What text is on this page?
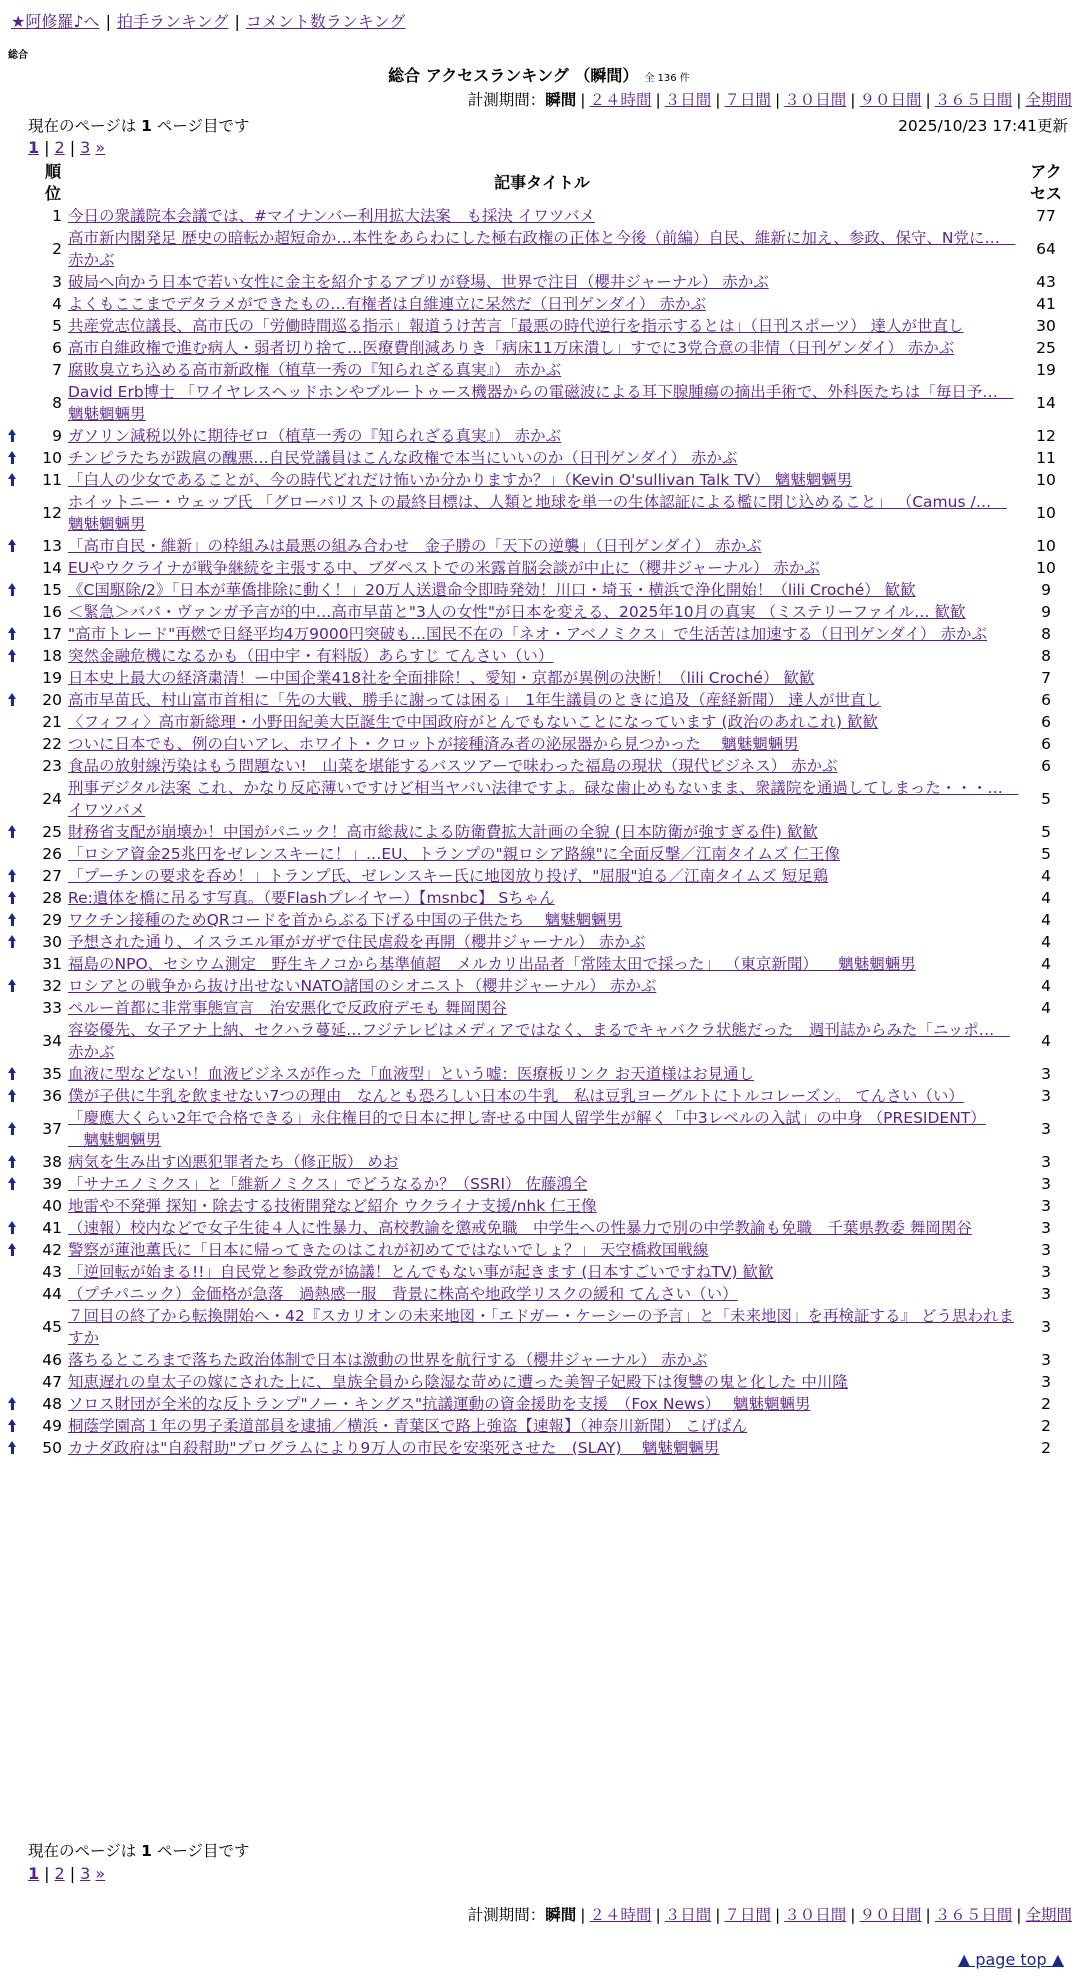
★阿修羅♪へ | 拍手ランキング | コメント数ランキング
総合
総合 アクセスランキング （瞬間） 全 136 件
計測期間：瞬間 | ２４時間 | ３日間 | ７日間 | ３０日間 | ９０日間 | ３６５日間 | 全期間
現在のページは 1 ページ目です	2025/10/23 17:41更新
1 | 2 | 3 »
順位		記事タイトル	アクセス
	1	今日の衆議院本会議では、#マイナンバー利用拡大法案　も採決 イワツバメ	77
	2	高市新内閣発足 歴史の暗転か超短命か…本性をあらわにした極右政権の正体と今後（前編）自民、維新に加え、参政、保守、N党に…　赤かぶ	64
	3	破局へ向かう日本で若い女性に金主を紹介するアプリが登場、世界で注目（櫻井ジャーナル） 赤かぶ	43
	4	よくもここまでデタラメができたもの…有権者は自維連立に呆然だ（日刊ゲンダイ） 赤かぶ	41
	5	共産党志位議長、高市氏の「労働時間巡る指示」報道うけ苦言「最悪の時代逆行を指示するとは」（日刊スポーツ） 達人が世直し	30
	6	高市自維政権で進む病人・弱者切り捨て…医療費削減ありき「病床11万床潰し」すでに3党合意の非情（日刊ゲンダイ） 赤かぶ	25
	7	腐敗臭立ち込める高市新政権（植草一秀の『知られざる真実』） 赤かぶ	19
	8	David Erb博士 「ワイヤレスヘッドホンやブルートゥース機器からの電磁波による耳下腺腫瘍の摘出手術で、外科医たちは「毎日予…　魑魅魍魎男	14
	9	ガソリン減税以外に期待ゼロ（植草一秀の『知られざる真実』） 赤かぶ	12
	10	チンピラたちが跋扈の醜悪…自民党議員はこんな政権で本当にいいのか（日刊ゲンダイ） 赤かぶ	11
	11	「白人の少女であることが、今の時代どれだけ怖いか分かりますか？」（Kevin O'sullivan Talk TV） 魑魅魍魎男	10
	12	ホイットニー・ウェッブ氏 「グローバリストの最終目標は、人類と地球を単一の生体認証による檻に閉じ込めること」 （Camus /…　魑魅魍魎男	10
	13	「高市自民・維新」の枠組みは最悪の組み合わせ　金子勝の「天下の逆襲」（日刊ゲンダイ） 赤かぶ	10
	14	EUやウクライナが戦争継続を主張する中、ブダペストでの米露首脳会談が中止に（櫻井ジャーナル） 赤かぶ	10
	15	《C国駆除/2》「日本が華僑排除に動く！」20万人送還命令即時発効！川口・埼玉・横浜で浄化開始！（lili Croché） 歓歓	9
	16	＜緊急＞ババ・ヴァンガ予言が的中…高市早苗と"3人の女性"が日本を変える、2025年10月の真実 （ミステリーファイル… 歓歓	9
	17	"高市トレード"再燃で日経平均4万9000円突破も…国民不在の「ネオ・アベノミクス」で生活苦は加速する（日刊ゲンダイ） 赤かぶ	8
	18	突然金融危機になるかも（田中宇・有料版）あらすじ てんさい（い）	8
	19	日本史上最大の経済粛清！ー中国企業418社を全面排除！、愛知・京都が異例の決断！（lili Croché） 歓歓	7
	20	高市早苗氏、村山富市首相に「先の大戦、勝手に謝っては困る」　1年生議員のときに追及（産経新聞） 達人が世直し	6
	21	〈フィフィ〉高市新総理・小野田紀美大臣誕生で中国政府がとんでもないことになっています (政治のあれこれ) 歓歓	6
	22	ついに日本でも、例の白いアレ、ホワイト・クロットが接種済み者の泌尿器から見つかった　 魑魅魍魎男	6
	23	食品の放射線汚染はもう問題ない!　山菜を堪能するバスツアーで味わった福島の現状（現代ビジネス） 赤かぶ	6
	24	刑事デジタル法案 これ、かなり反応薄いですけど相当ヤバい法律ですよ。碌な歯止めもないまま、衆議院を通過してしまった・・・…　イワツバメ	5
	25	財務省支配が崩壊か！中国がパニック！高市総裁による防衛費拡大計画の全貌 (日本防衛が強すぎる件) 歓歓	5
	26	「ロシア資金25兆円をゼレンスキーに！」…EU、トランプの"親ロシア路線"に全面反撃／江南タイムズ 仁王像	5
	27	「プーチンの要求を呑め！」トランプ氏、ゼレンスキー氏に地図放り投げ、"屈服"迫る／江南タイムズ 短足鶏	4
	28	Re:遺体を橋に吊るす写真。（要Flashプレイヤー）【msnbc】 Sちゃん	4
	29	ワクチン接種のためQRコードを首からぶる下げる中国の子供たち　 魑魅魍魎男	4
	30	予想された通り、イスラエル軍がガザで住民虐殺を再開（櫻井ジャーナル） 赤かぶ	4
	31	福島のNPO、セシウム測定　野生キノコから基準値超　メルカリ出品者「常陸太田で採った」 （東京新聞） 　魑魅魍魎男	4
	32	ロシアとの戦争から抜け出せないNATO諸国のシオニスト（櫻井ジャーナル） 赤かぶ	4
	33	ペルー首都に非常事態宣言　治安悪化で反政府デモも 舞岡関谷	4
	34	容姿優先、女子アナ上納、セクハラ蔓延…フジテレビはメディアではなく、まるでキャバクラ状態だった　週刊誌からみた「ニッポ…　赤かぶ	4
	35	血液に型などない！血液ビジネスが作った「血液型」という嘘：医療板リンク お天道様はお見通し	3
	36	僕が子供に牛乳を飲ませない7つの理由　なんとも恐ろしい日本の牛乳　私は豆乳ヨーグルトにトルコレーズン。 てんさい（い）	3
	37	「慶應大くらい2年で合格できる」永住権目的で日本に押し寄せる中国人留学生が解く「中3レベルの入試」の中身 （PRESIDENT） 　魑魅魍魎男	3
	38	病気を生み出す凶悪犯罪者たち（修正版） めお	3
	39	「サナエノミクス」と「維新ノミクス」でどうなるか？（SSRI） 佐藤鴻全	3
	40	地雷や不発弾 探知・除去する技術開発など紹介 ウクライナ支援/nhk 仁王像	3
	41	（速報）校内などで女子生徒４人に性暴力、高校教諭を懲戒免職　中学生への性暴力で別の中学教諭も免職　千葉県教委 舞岡関谷	3
	42	警察が蓮池薫氏に「日本に帰ってきたのはこれが初めてではないでしょ？」 天空橋救国戦線	3
	43	「逆回転が始まる!!」自民党と参政党が協議！とんでもない事が起きます (日本すごいですねTV) 歓歓	3
	44	（プチパニック）金価格が急落　過熱感一服　背景に株高や地政学リスクの緩和 てんさい（い）	3
	45	７回目の終了から転換開始へ・42『スカリオンの未来地図・「エドガー・ケーシーの予言」と「未来地図」を再検証する』 どう思われますか	3
	46	落ちるところまで落ちた政治体制で日本は激動の世界を航行する（櫻井ジャーナル） 赤かぶ	3
	47	知恵遅れの皇太子の嫁にされた上に、皇族全員から陰湿な苛めに遭った美智子妃殿下は復讐の鬼と化した 中川隆	3
	48	ソロス財団が全米的な反トランプ"ノー・キングス"抗議運動の資金援助を支援　（Fox News）　 魑魅魍魎男	2
	49	桐蔭学園高１年の男子柔道部員を逮捕／横浜・青葉区で路上強盗【速報】（神奈川新聞） こげぱん	2
	50	カナダ政府は"自殺幇助"プログラムにより9万人の市民を安楽死させた　(SLAY)　 魑魅魍魎男	2
現在のページは 1 ページ目です
1 | 2 | 3 »
計測期間：瞬間 | ２４時間 | ３日間 | ７日間 | ３０日間 | ９０日間 | ３６５日間 | 全期間
▲ page top ▲
